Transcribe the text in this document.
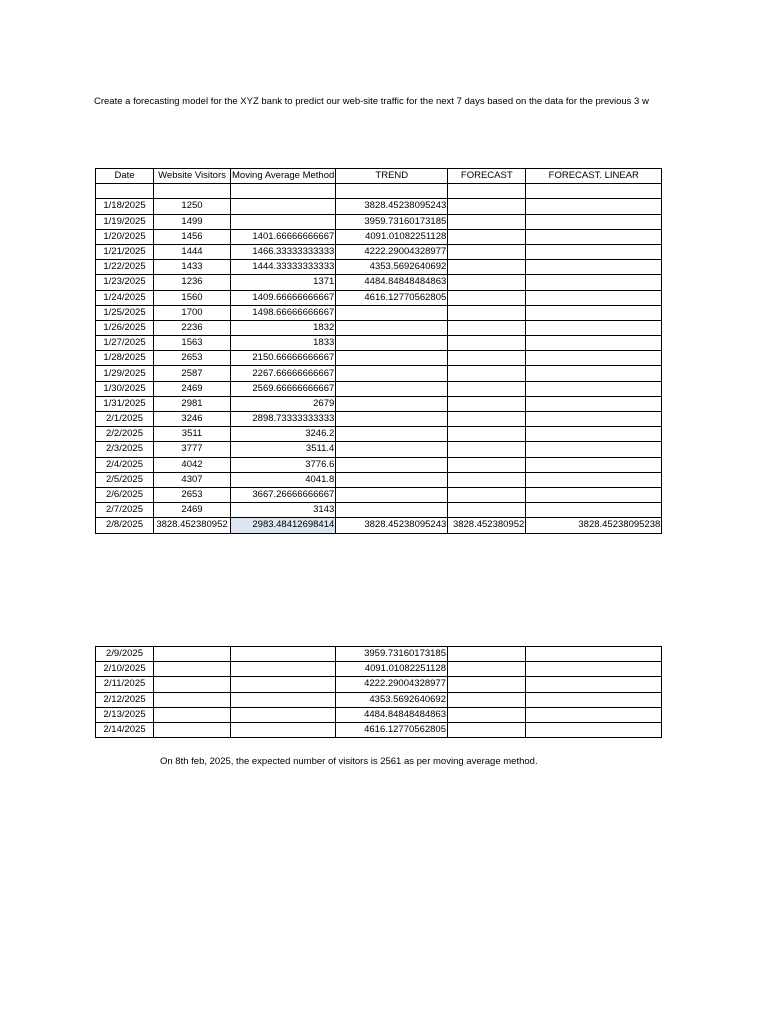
Create a forecasting model for the XYZ bank to predict our web-site traffic for the next 7 days based on the data for the previous 3 w
Date	Website Visitors	Moving Average Method	TREND	FORECAST	FORECAST. LINEAR

1/18/2025	1250		3828.45238095243		
1/19/2025	1499		3959.73160173185		
1/20/2025	1456	1401.66666666667	4091.01082251128		
1/21/2025	1444	1466.33333333333	4222.29004328977		
1/22/2025	1433	1444.33333333333	4353.5692640692		
1/23/2025	1236	1371	4484.84848484863		
1/24/2025	1560	1409.66666666667	4616.12770562805		
1/25/2025	1700	1498.66666666667			
1/26/2025	2236	1832			
1/27/2025	1563	1833			
1/28/2025	2653	2150.66666666667			
1/29/2025	2587	2267.66666666667			
1/30/2025	2469	2569.66666666667			
1/31/2025	2981	2679			
2/1/2025	3246	2898.73333333333			
2/2/2025	3511	3246.2			
2/3/2025	3777	3511.4			
2/4/2025	4042	3776.6			
2/5/2025	4307	4041.8			
2/6/2025	2653	3667.26666666667			
2/7/2025	2469	3143			
2/8/2025	3828.452380952	2983.48412698414	3828.45238095243	3828.452380952	3828.45238095238
2/9/2025			3959.73160173185		
2/10/2025			4091.01082251128		
2/11/2025			4222.29004328977		
2/12/2025			4353.5692640692		
2/13/2025			4484.84848484863		
2/14/2025			4616.12770562805		
On 8th feb, 2025, the expected number of visitors is 2561 as per moving average method.
